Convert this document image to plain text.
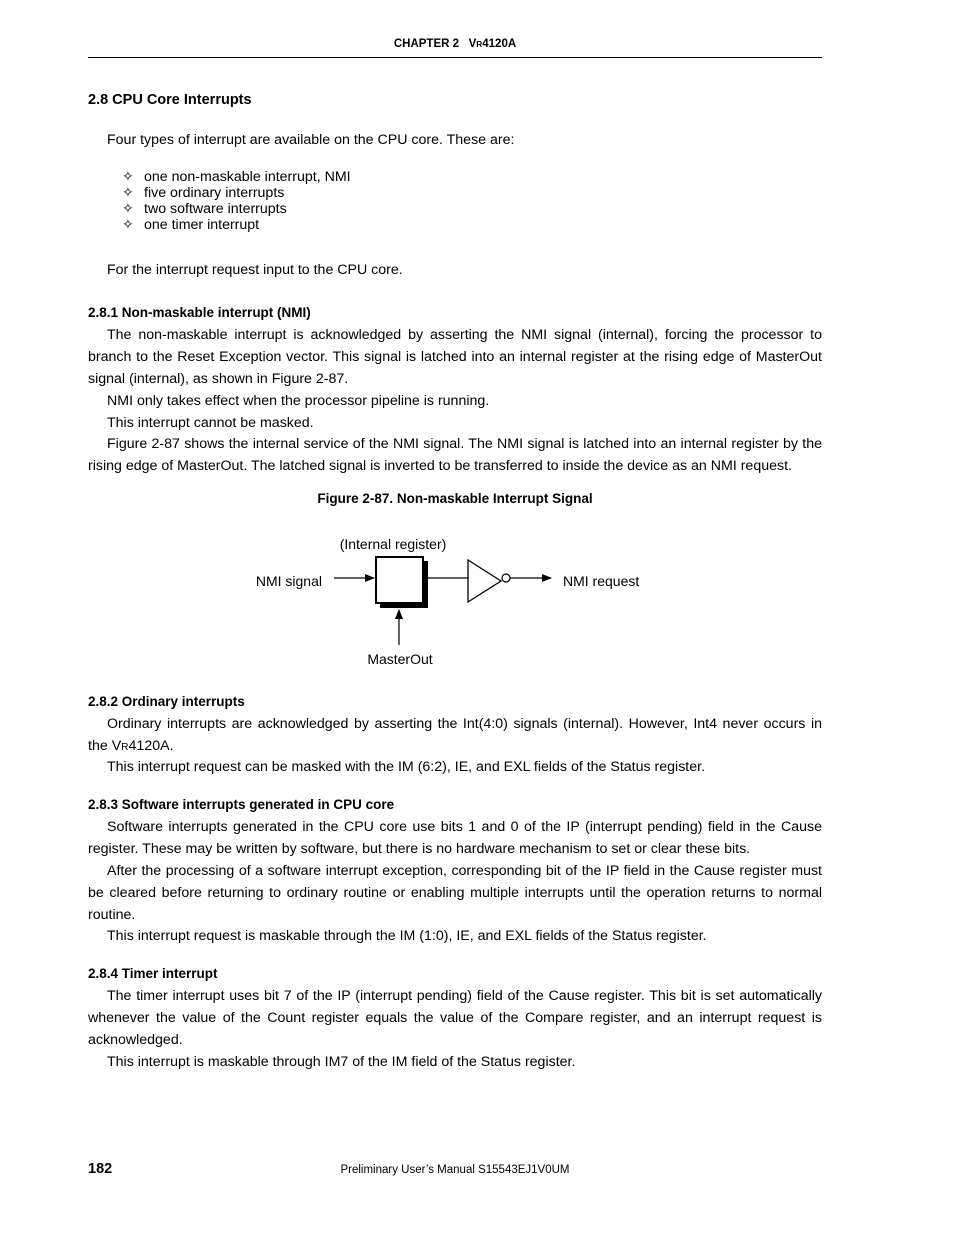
CHAPTER 2 VR4120A
2.8 CPU Core Interrupts
Four types of interrupt are available on the CPU core. These are:
✧ one non-maskable interrupt, NMI
✧ five ordinary interrupts
✧ two software interrupts
✧ one timer interrupt
For the interrupt request input to the CPU core.
2.8.1 Non-maskable interrupt (NMI)
The non-maskable interrupt is acknowledged by asserting the NMI signal (internal), forcing the processor to branch to the Reset Exception vector. This signal is latched into an internal register at the rising edge of MasterOut signal (internal), as shown in Figure 2-87.
NMI only takes effect when the processor pipeline is running.
This interrupt cannot be masked.
Figure 2-87 shows the internal service of the NMI signal. The NMI signal is latched into an internal register by the rising edge of MasterOut. The latched signal is inverted to be transferred to inside the device as an NMI request.
Figure 2-87. Non-maskable Interrupt Signal
(Internal register)
NMI signal	NMI request
MasterOut
2.8.2 Ordinary interrupts
Ordinary interrupts are acknowledged by asserting the Int(4:0) signals (internal). However, Int4 never occurs in the VR4120A.
This interrupt request can be masked with the IM (6:2), IE, and EXL fields of the Status register.
2.8.3 Software interrupts generated in CPU core
Software interrupts generated in the CPU core use bits 1 and 0 of the IP (interrupt pending) field in the Cause register. These may be written by software, but there is no hardware mechanism to set or clear these bits.
After the processing of a software interrupt exception, corresponding bit of the IP field in the Cause register must be cleared before returning to ordinary routine or enabling multiple interrupts until the operation returns to normal routine.
This interrupt request is maskable through the IM (1:0), IE, and EXL fields of the Status register.
2.8.4 Timer interrupt
The timer interrupt uses bit 7 of the IP (interrupt pending) field of the Cause register. This bit is set automatically whenever the value of the Count register equals the value of the Compare register, and an interrupt request is acknowledged.
This interrupt is maskable through IM7 of the IM field of the Status register.
182	Preliminary User’s Manual S15543EJ1V0UM
